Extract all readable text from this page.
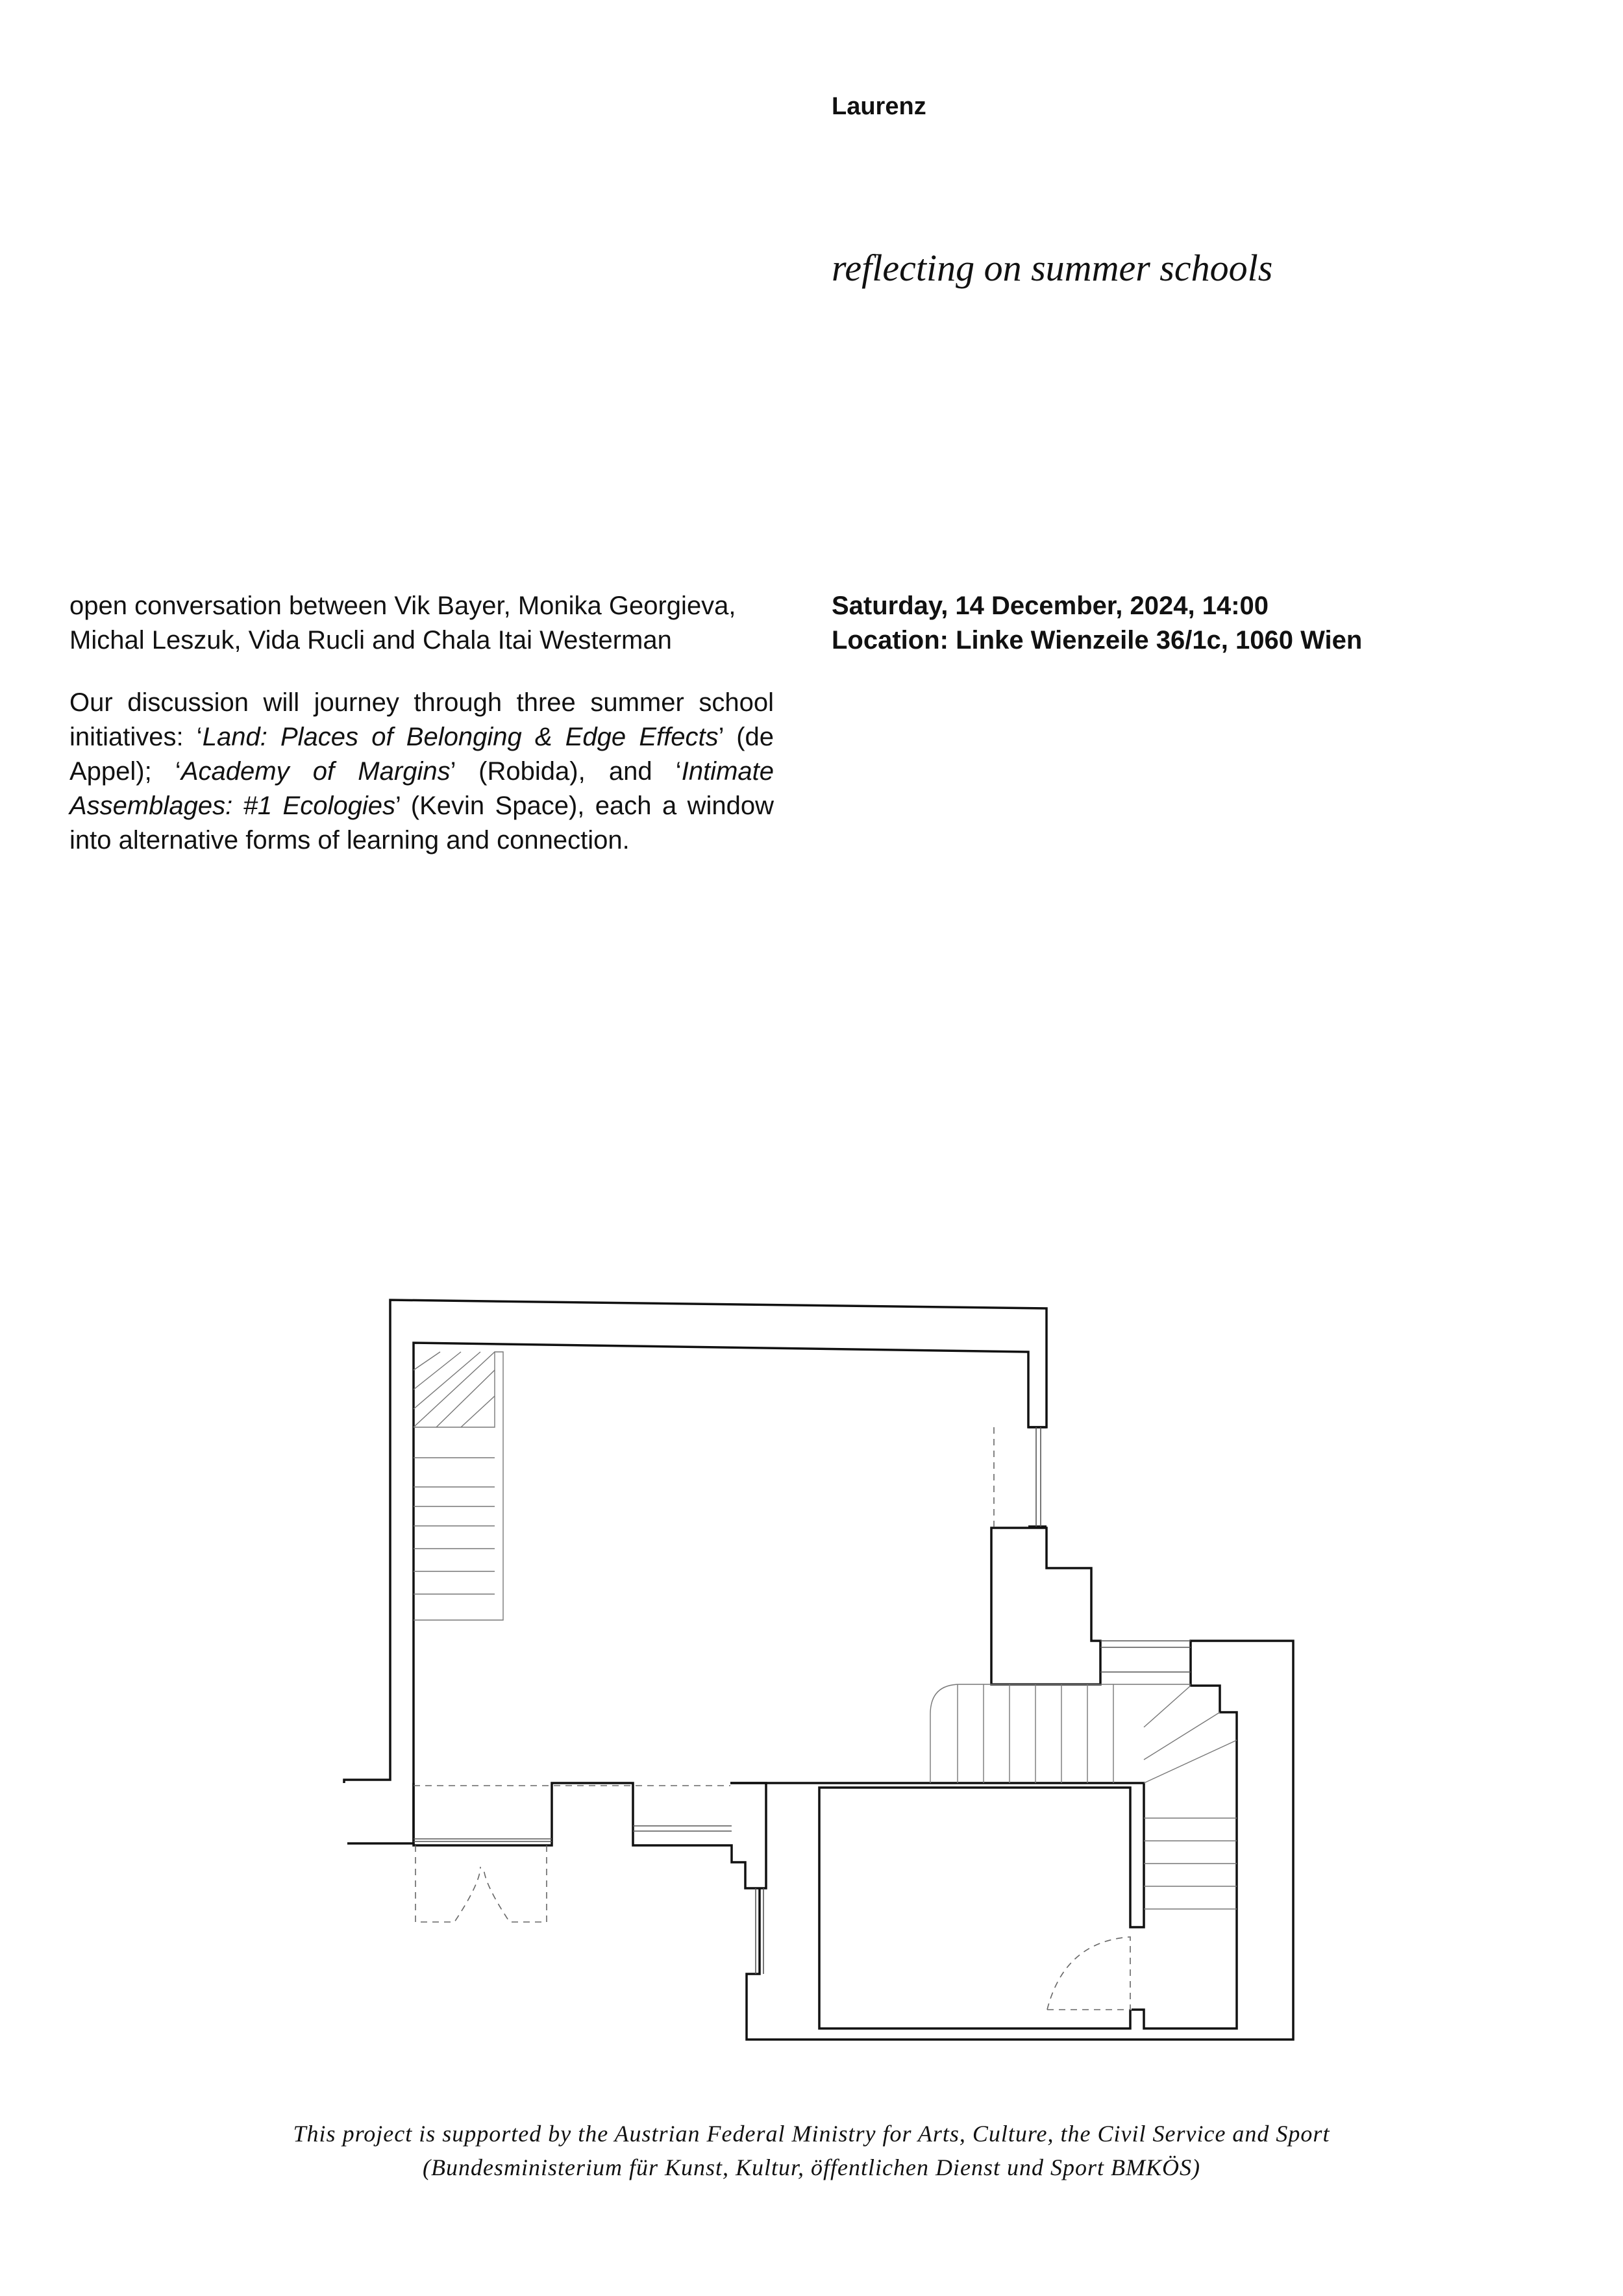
Laurenz
reflecting on summer schools
open conversation between Vik Bayer, Monika Georgieva,
Michal Leszuk, Vida Rucli and Chala Itai Westerman
Our discussion will journey through three summer school initiatives: ‘Land: Places of Belonging & Edge Effects’ (de Appel); ‘Academy of Margins’ (Robida), and ‘Intimate Assemblages: #1 Ecologies’ (Kevin Space), each a window into alternative forms of learning and connection.
Saturday, 14 December, 2024, 14:00
Location: Linke Wienzeile 36/1c, 1060 Wien
This project is supported by the Austrian Federal Ministry for Arts, Culture, the Civil Service and Sport
(Bundesministerium für Kunst, Kultur, öffentlichen Dienst und Sport BMKÖS)
